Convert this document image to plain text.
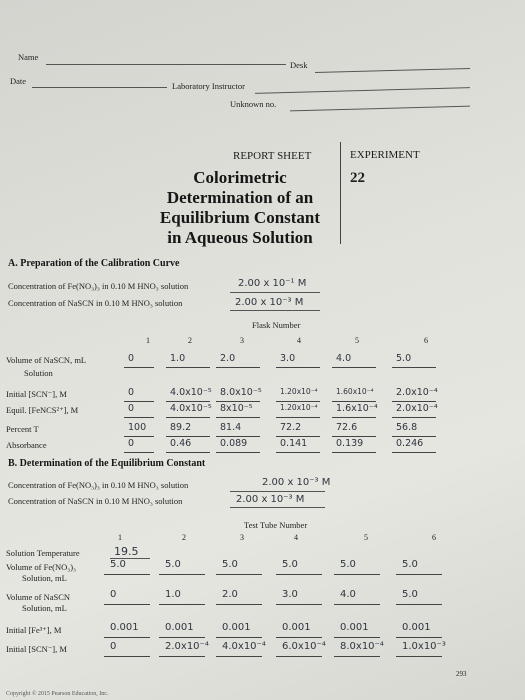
Name
Desk
Date	Laboratory Instructor
Unknown no.
REPORT SHEET	EXPERIMENT
22
Colorimetric
Determination of an
Equilibrium Constant
in Aqueous Solution
A. Preparation of the Calibration Curve
Concentration of Fe(NO₃)₃ in 0.10 M HNO₃ solution	2.00 x 10⁻¹ M
Concentration of NaSCN in 0.10 M HNO₃ solution	2.00 x 10⁻³ M
Flask Number
1	2	3	4	5	6
Volume of NaSCN, mL
Solution
0	1.0	2.0	3.0	4.0	5.0
Initial [SCN⁻], M	0	4.0x10⁻⁵ 8.0x10⁻⁵ 1.20x10⁻⁴ 1.60x10⁻⁴ 2.0x10⁻⁴
Equil. [FeNCS²⁺], M	0	4.0x10⁻⁵ 8x10⁻⁵	1.20x10⁻⁴ 1.6x10⁻⁴ 2.0x10⁻⁴
Percent T	100	89.2	81.4	72.2	72.6	56.8
Absorbance	0	0.46	0.089	0.141	0.139	0.246
B. Determination of the Equilibrium Constant
Concentration of Fe(NO₃)₃ in 0.10 M HNO₃ solution	2.00 x 10⁻³ M
Concentration of NaSCN in 0.10 M HNO₃ solution	2.00 x 10⁻³ M
Test Tube Number
1	2	3	4	5	6
Solution Temperature	19.5
Volume of Fe(NO₃)₃
Solution, mL
5.0	5.0	5.0	5.0	5.0	5.0
Volume of NaSCN
Solution, mL
0	1.0	2.0	3.0	4.0	5.0
Initial [Fe³⁺], M	0.001	0.001	0.001	0.001	0.001	0.001
Initial [SCN⁻], M	0	2.0x10⁻⁴ 4.0x10⁻⁴ 6.0x10⁻⁴ 8.0x10⁻⁴ 1.0x10⁻³
293
Copyright © 2015 Pearson Education, Inc.
